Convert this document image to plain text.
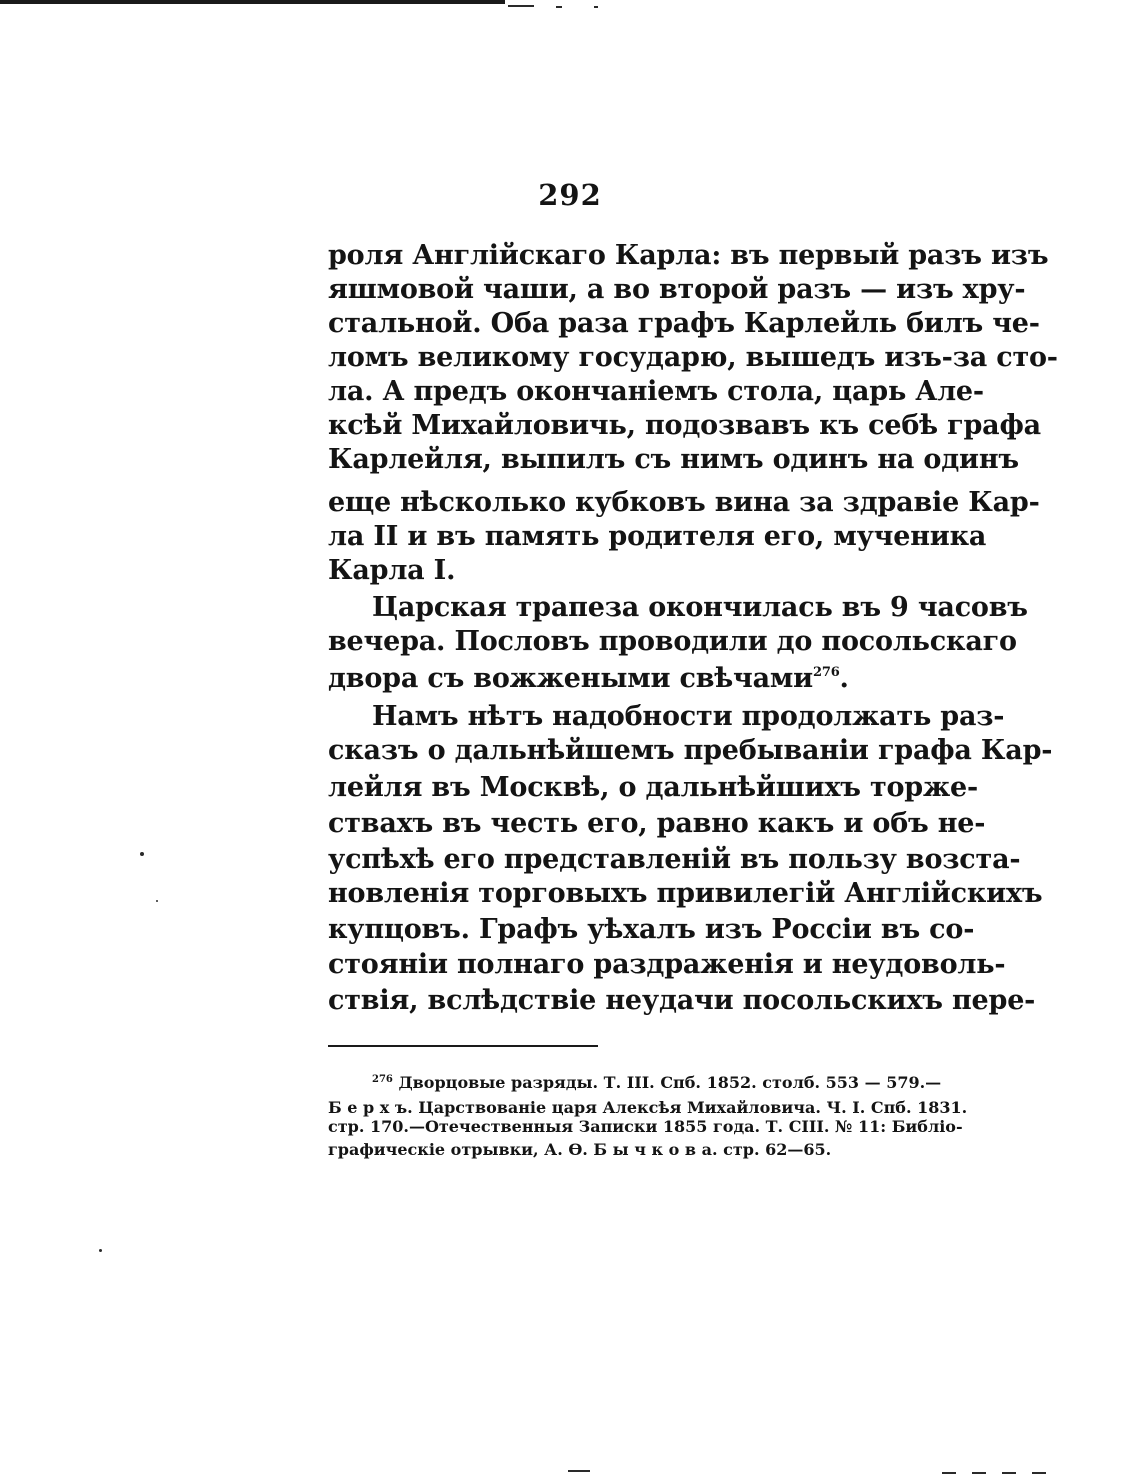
292
роля Англійскаго Карла: въ первый разъ изъ
яшмовой чаши, а во второй разъ — изъ хру-
стальной. Оба раза графъ Карлейль билъ че-
ломъ великому государю, вышедъ изъ-за сто-
ла. А предъ окончаніемъ стола, царь Але-
ксѣй Михайловичь, подозвавъ къ себѣ графа
Карлейля, выпилъ съ нимъ одинъ на одинъ
еще нѣсколько кубковъ вина за здравіе Кар-
ла II и въ память родителя его, мученика
Карла I.
Царская трапеза окончилась въ 9 часовъ
вечера. Пословъ проводили до посольскаго
двора съ вожжеными свѣчами$^{276}$.
Намъ нѣтъ надобности продолжать раз-
сказъ о дальнѣйшемъ пребываніи графа Кар-
лейля въ Москвѣ, о дальнѣйшихъ торже-
ствахъ въ честь его, равно какъ и объ не-
успѣхѣ его представленій въ пользу возста-
новленія торговыхъ привилегій Англійскихъ
купцовъ. Графъ уѣхалъ изъ Россіи въ со-
стояніи полнаго раздраженія и неудоволь-
ствія, вслѣдствіе неудачи посольскихъ пере-
$^{276}$ Дворцовые разряды. Т. III. Спб. 1852. столб. 553 — 579.—
Б е р х ъ. Царствованіе царя Алексѣя Михайловича. Ч. I. Спб. 1831.
стр. 170.—Отечественныя Записки 1855 года. Т. CIII. № 11: Библіо-
графическіе отрывки, А. Ѳ. Б ы ч к о в а. стр. 62—65.
